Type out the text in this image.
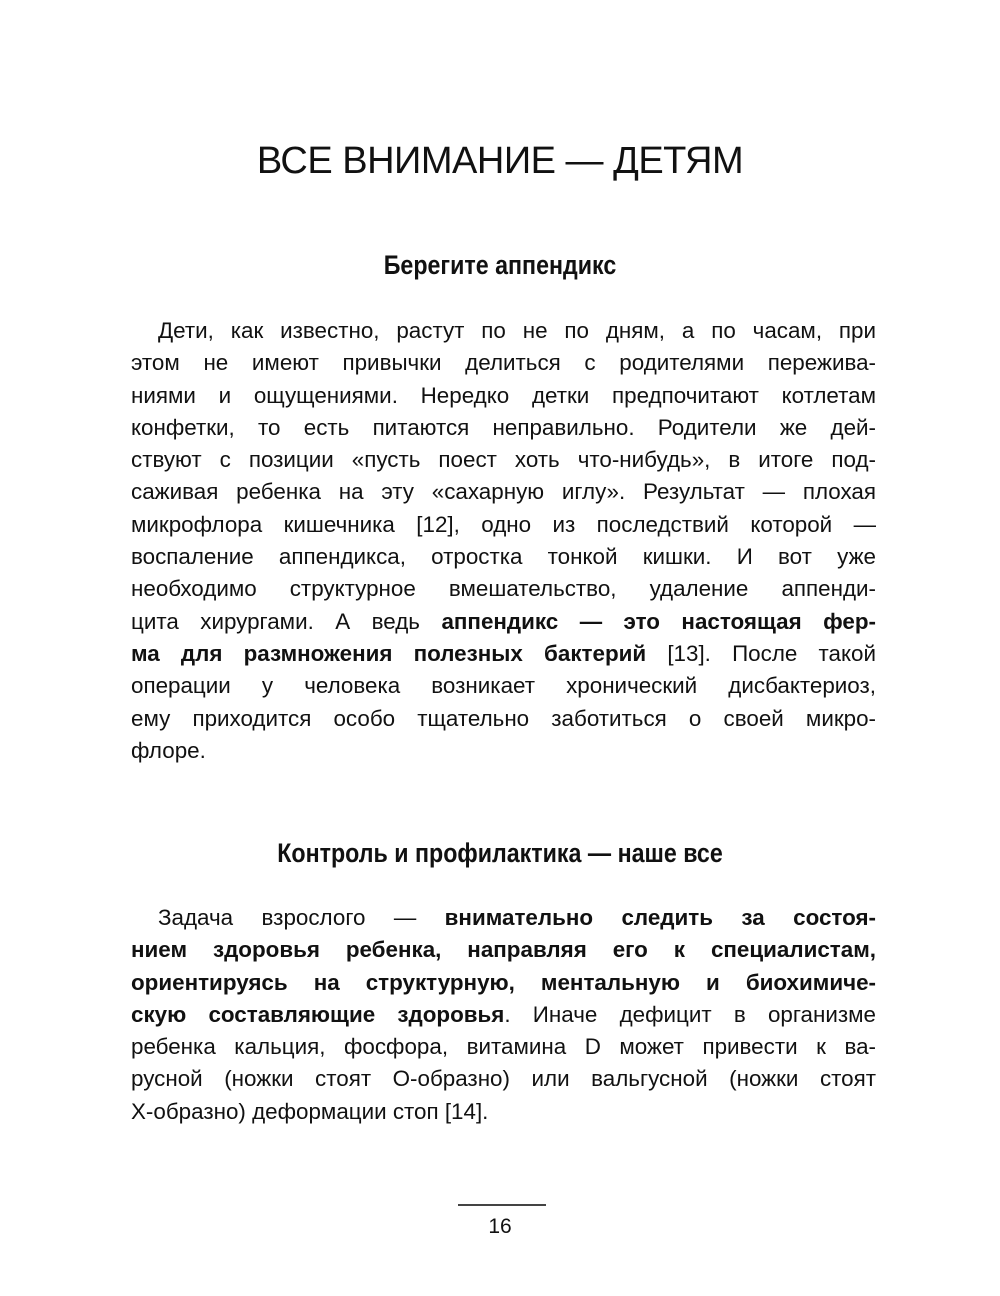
ВСЕ ВНИМАНИЕ — ДЕТЯМ
Берегите аппендикс
Дети, как известно, растут по не по дням, а по часам, при
этом не имеют привычки делиться с родителями пережива-
ниями и ощущениями. Нередко детки предпочитают котлетам
конфетки, то есть питаются неправильно. Родители же дей-
ствуют с позиции «пусть поест хоть что-нибудь», в итоге под-
саживая ребенка на эту «сахарную иглу». Результат — плохая
микрофлора кишечника [12], одно из последствий которой —
воспаление аппендикса, отростка тонкой кишки. И вот уже
необходимо структурное вмешательство, удаление аппенди-
цита хирургами. А ведь аппендикс — это настоящая фер-
ма для размножения полезных бактерий [13]. После такой
операции у человека возникает хронический дисбактериоз,
ему приходится особо тщательно заботиться о своей микро-
флоре.
Контроль и профилактика — наше все
Задача взрослого — внимательно следить за состоя-
нием здоровья ребенка, направляя его к специалистам,
ориентируясь на структурную, ментальную и биохимиче-
скую составляющие здоровья. Иначе дефицит в организме
ребенка кальция, фосфора, витамина D может привести к ва-
русной (ножки стоят О-образно) или вальгусной (ножки стоят
Х-образно) деформации стоп [14].
16
